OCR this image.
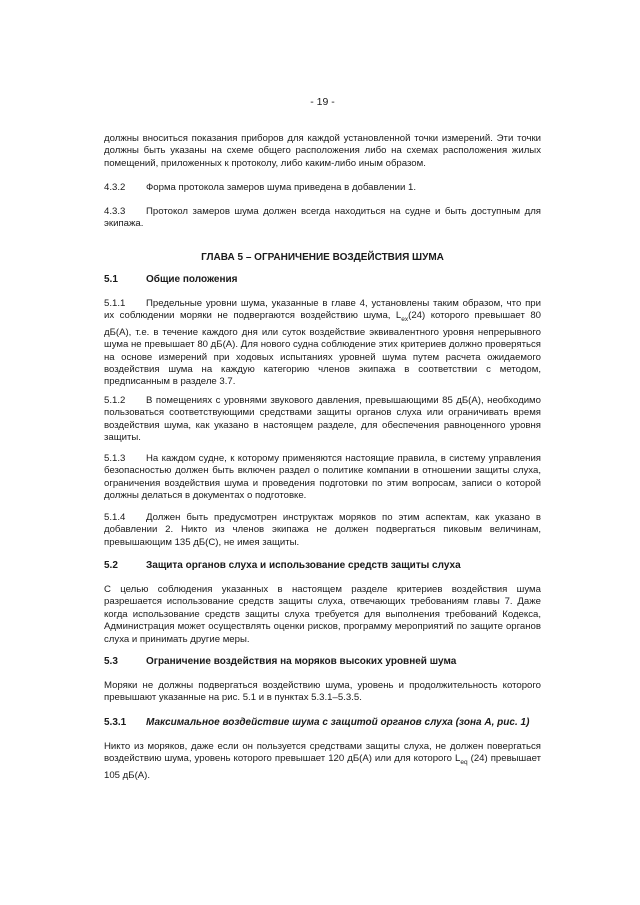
- 19 -
должны вноситься показания приборов для каждой установленной точки измерений. Эти точки должны быть указаны на схеме общего расположения либо на схемах расположения жилых помещений, приложенных к протоколу, либо каким-либо иным образом.
4.3.2 Форма протокола замеров шума приведена в добавлении 1.
4.3.3 Протокол замеров шума должен всегда находиться на судне и быть доступным для экипажа.
ГЛАВА 5 – ОГРАНИЧЕНИЕ ВОЗДЕЙСТВИЯ ШУМА
5.1	Общие положения
5.1.1 Предельные уровни шума, указанные в главе 4, установлены таким образом, что при их соблюдении моряки не подвергаются воздействию шума, $L_{ex}(24)$ которого превышает 80 дБ(A), т.е. в течение каждого дня или суток воздействие эквивалентного уровня непрерывного шума не превышает 80 дБ(A). Для нового судна соблюдение этих критериев должно проверяться на основе измерений при ходовых испытаниях уровней шума путем расчета ожидаемого воздействия шума на каждую категорию членов экипажа в соответствии с методом, предписанным в разделе 3.7.
5.1.2 В помещениях с уровнями звукового давления, превышающими 85 дБ(A), необходимо пользоваться соответствующими средствами защиты органов слуха или ограничивать время воздействия шума, как указано в настоящем разделе, для обеспечения равноценного уровня защиты.
5.1.3 На каждом судне, к которому применяются настоящие правила, в систему управления безопасностью должен быть включен раздел о политике компании в отношении защиты слуха, ограничения воздействия шума и проведения подготовки по этим вопросам, записи о которой должны делаться в документах о подготовке.
5.1.4 Должен быть предусмотрен инструктаж моряков по этим аспектам, как указано в добавлении 2. Никто из членов экипажа не должен подвергаться пиковым величинам, превышающим 135 дБ(C), не имея защиты.
5.2	Защита органов слуха и использование средств защиты слуха
С целью соблюдения указанных в настоящем разделе критериев воздействия шума разрешается использование средств защиты слуха, отвечающих требованиям главы 7. Даже когда использование средств защиты слуха требуется для выполнения требований Кодекса, Администрация может осуществлять оценки рисков, программу мероприятий по защите органов слуха и принимать другие меры.
5.3	Ограничение воздействия на моряков высоких уровней шума
Моряки не должны подвергаться воздействию шума, уровень и продолжительность которого превышают указанные на рис. 5.1 и в пунктах 5.3.1–5.3.5.
5.3.1 Максимальное воздействие шума с защитой органов слуха (зона A, рис. 1)
Никто из моряков, даже если он пользуется средствами защиты слуха, не должен повергаться воздействию шума, уровень которого превышает 120 дБ(A) или для которого $L_{eq}$ (24) превышает 105 дБ(A).
